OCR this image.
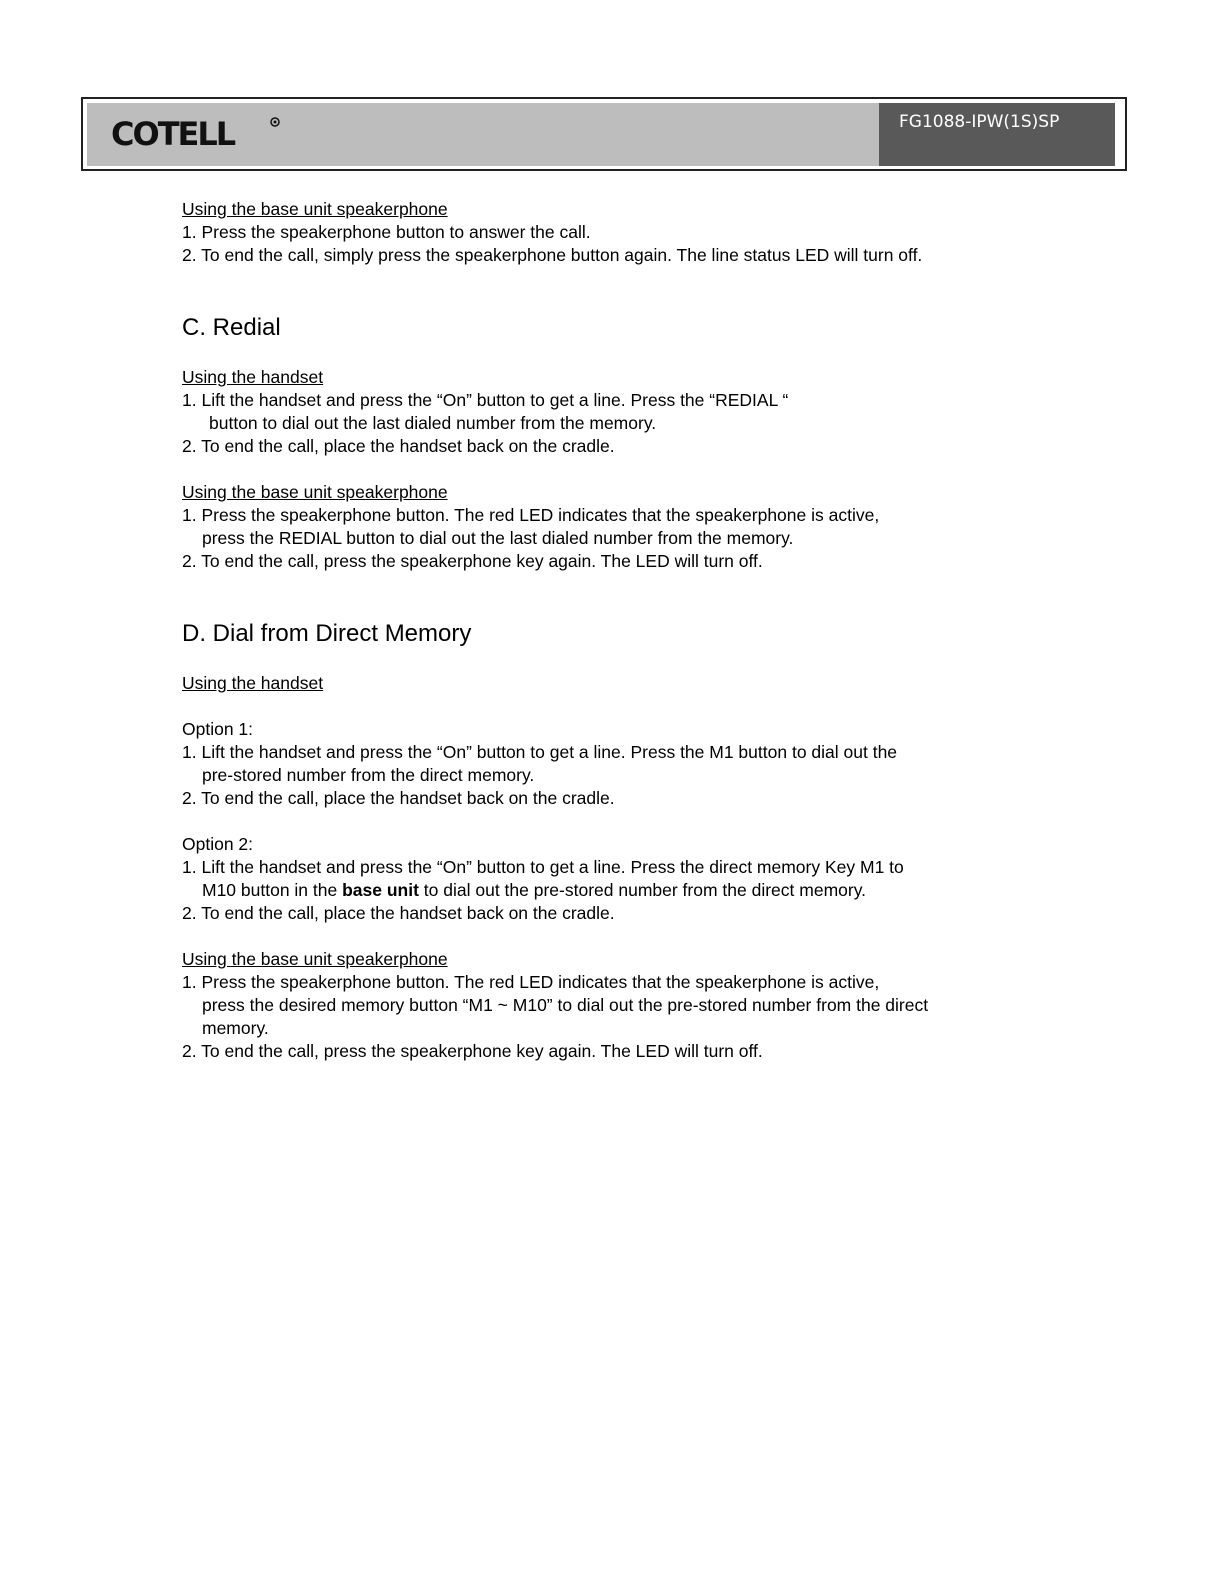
COTELL	FG1088-IPW(1S)SP
Using the base unit speakerphone
1. Press the speakerphone button to answer the call.
2. To end the call, simply press the speakerphone button again. The line status LED will turn off.
C. Redial
Using the handset
1. Lift the handset and press the “On” button to get a line. Press the “REDIAL “
button to dial out the last dialed number from the memory.
2. To end the call, place the handset back on the cradle.
Using the base unit speakerphone
1. Press the speakerphone button. The red LED indicates that the speakerphone is active,
press the REDIAL button to dial out the last dialed number from the memory.
2. To end the call, press the speakerphone key again. The LED will turn off.
D. Dial from Direct Memory
Using the handset
Option 1:
1. Lift the handset and press the “On” button to get a line. Press the M1 button to dial out the
pre-stored number from the direct memory.
2. To end the call, place the handset back on the cradle.
Option 2:
1. Lift the handset and press the “On” button to get a line. Press the direct memory Key M1 to
M10 button in the base unit to dial out the pre-stored number from the direct memory.
2. To end the call, place the handset back on the cradle.
Using the base unit speakerphone
1. Press the speakerphone button. The red LED indicates that the speakerphone is active,
press the desired memory button “M1 ~ M10” to dial out the pre-stored number from the direct
memory.
2. To end the call, press the speakerphone key again. The LED will turn off.
